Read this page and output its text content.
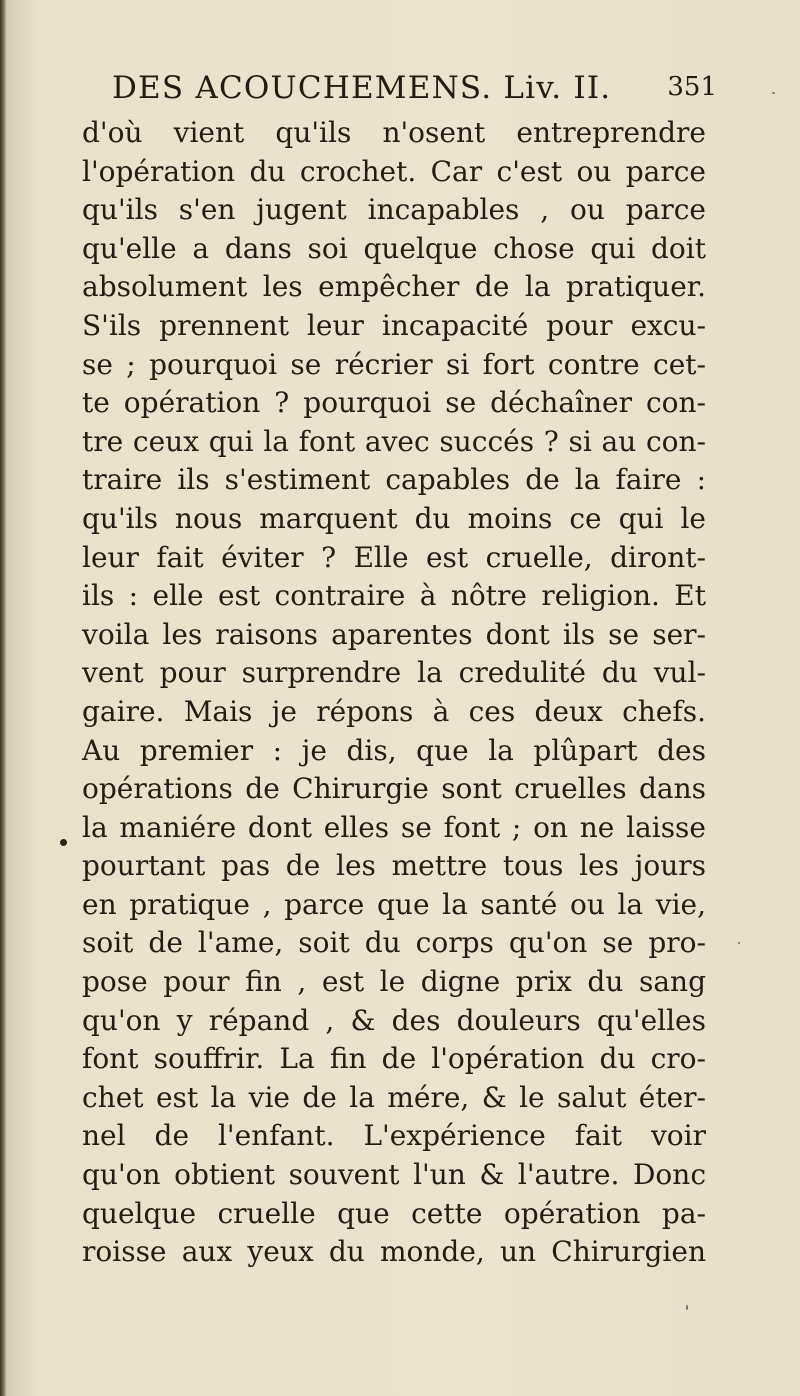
DES ACOUCHEMENS. Liv. II. 351
d'où vient qu'ils n'osent entreprendre
l'opération du crochet. Car c'est ou parce
qu'ils s'en jugent incapables , ou parce
qu'elle a dans soi quelque chose qui doit
absolument les empêcher de la pratiquer.
S'ils prennent leur incapacité pour excu-
se ; pourquoi se récrier si fort contre cet-
te opération ? pourquoi se déchaîner con-
tre ceux qui la font avec succés ? si au con-
traire ils s'estiment capables de la faire :
qu'ils nous marquent du moins ce qui le
leur fait éviter ? Elle est cruelle, diront-
ils : elle est contraire à nôtre religion. Et
voila les raisons aparentes dont ils se ser-
vent pour surprendre la credulité du vul-
gaire. Mais je répons à ces deux chefs.
Au premier : je dis, que la plûpart des
opérations de Chirurgie sont cruelles dans
la maniére dont elles se font ; on ne laisse
pourtant pas de les mettre tous les jours
en pratique , parce que la santé ou la vie,
soit de l'ame, soit du corps qu'on se pro-
pose pour fin , est le digne prix du sang
qu'on y répand , & des douleurs qu'elles
font souffrir. La fin de l'opération du cro-
chet est la vie de la mére, & le salut éter-
nel de l'enfant. L'expérience fait voir
qu'on obtient souvent l'un & l'autre. Donc
quelque cruelle que cette opération pa-
roisse aux yeux du monde, un Chirurgien
